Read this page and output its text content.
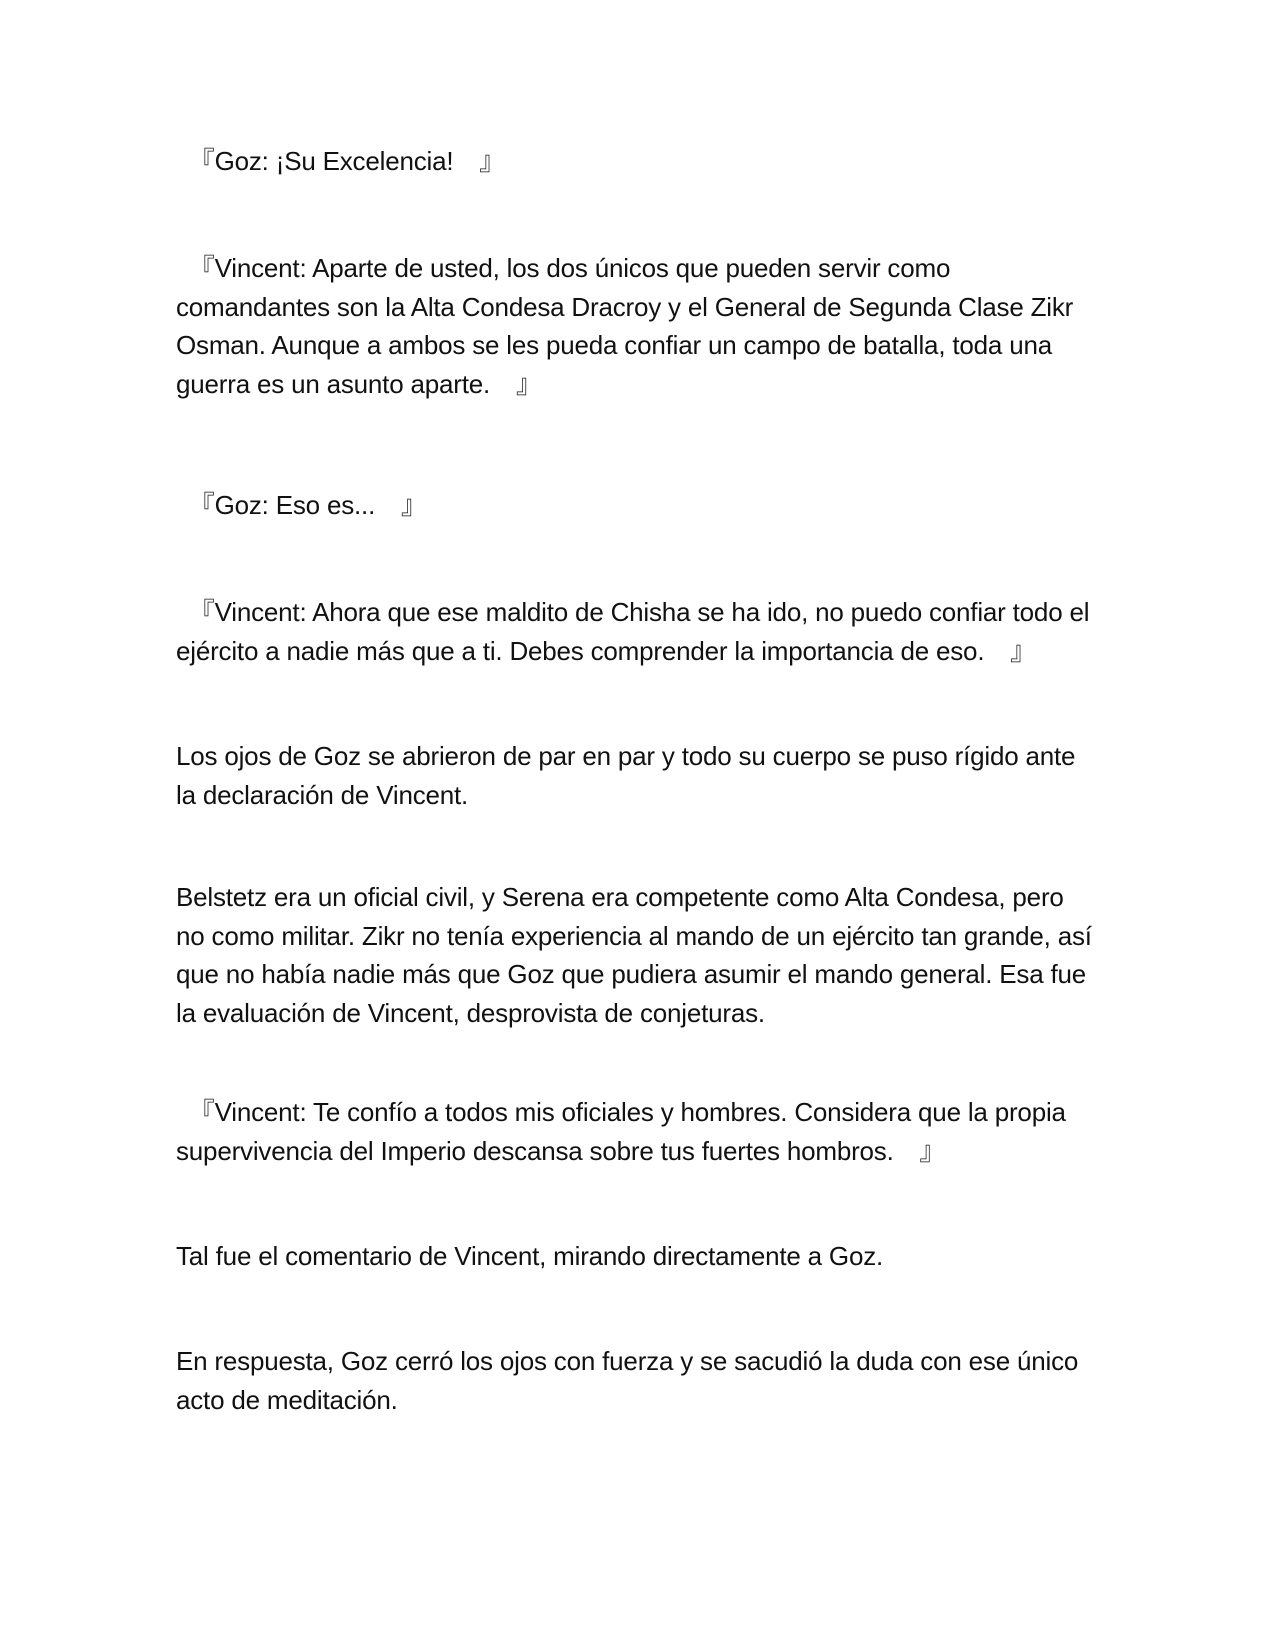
　『Goz: ¡Su Excelencia!　』

　『Vincent: Aparte de usted, los dos únicos que pueden servir como comandantes son la Alta Condesa Dracroy y el General de Segunda Clase Zikr Osman. Aunque a ambos se les pueda confiar un campo de batalla, toda una guerra es un asunto aparte.　』

　『Goz: Eso es...　』

　『Vincent: Ahora que ese maldito de Chisha se ha ido, no puedo confiar todo el ejército a nadie más que a ti. Debes comprender la importancia de eso.　』

Los ojos de Goz se abrieron de par en par y todo su cuerpo se puso rígido ante la declaración de Vincent.

Belstetz era un oficial civil, y Serena era competente como Alta Condesa, pero no como militar. Zikr no tenía experiencia al mando de un ejército tan grande, así que no había nadie más que Goz que pudiera asumir el mando general. Esa fue la evaluación de Vincent, desprovista de conjeturas.

　『Vincent: Te confío a todos mis oficiales y hombres. Considera que la propia supervivencia del Imperio descansa sobre tus fuertes hombros.　』

Tal fue el comentario de Vincent, mirando directamente a Goz.

En respuesta, Goz cerró los ojos con fuerza y se sacudió la duda con ese único acto de meditación.
